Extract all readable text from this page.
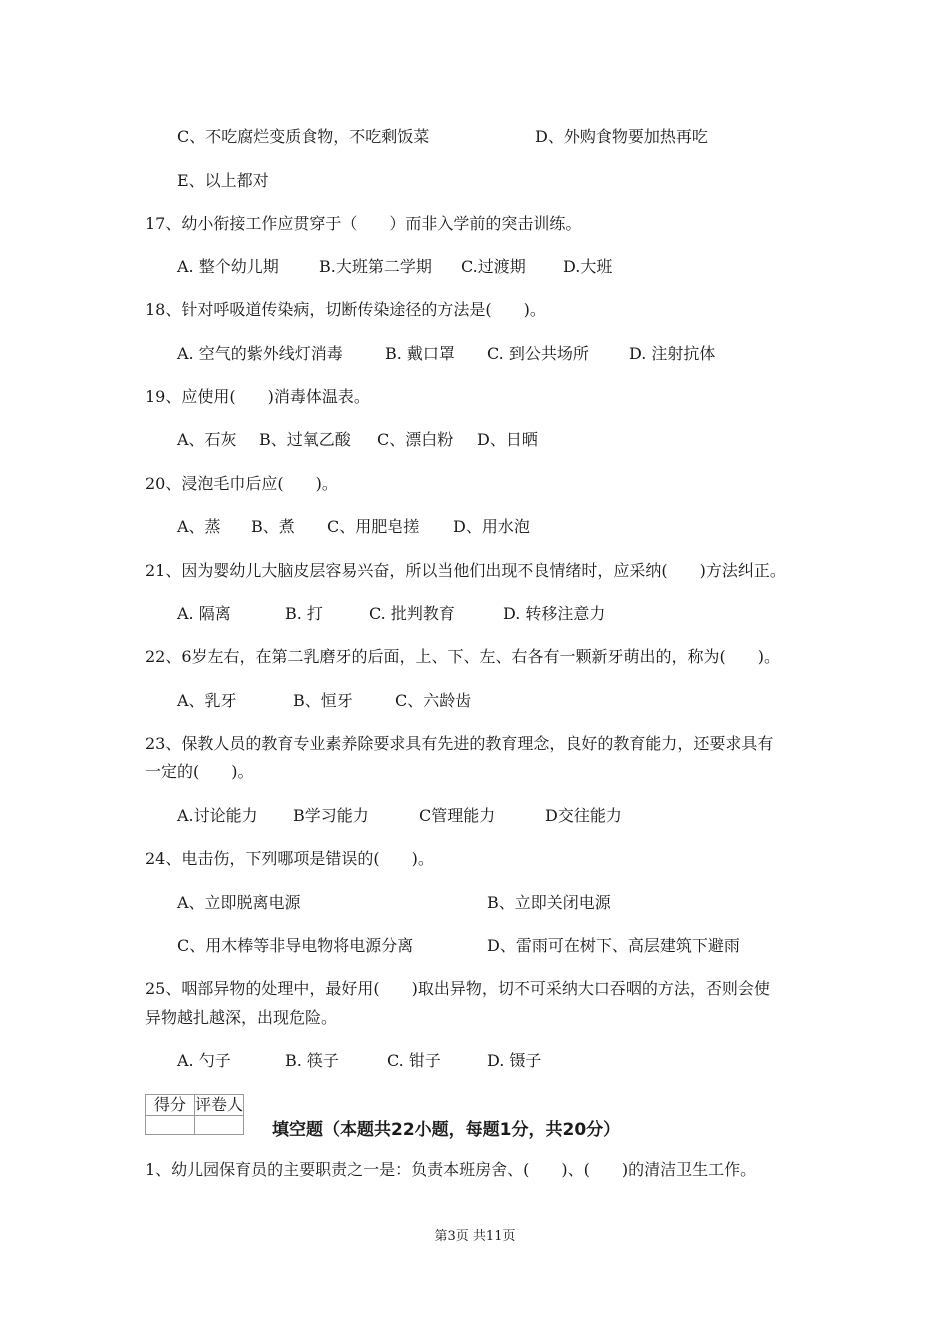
C、不吃腐烂变质食物，不吃剩饭菜	D、外购食物要加热再吃
E、以上都对
17、幼小衔接工作应贯穿于（　　）而非入学前的突击训练。
A. 整个幼儿期	B.大班第二学期 C.过渡期 D.大班
18、针对呼吸道传染病，切断传染途径的方法是(　　)。
A. 空气的紫外线灯消毒	B. 戴口罩 C. 到公共场所	D. 注射抗体
19、应使用(　　)消毒体温表。
A、石灰 B、过氧乙酸 C、漂白粉 D、日晒
20、浸泡毛巾后应(　　)。
A、蒸 B、煮 C、用肥皂搓 D、用水泡
21、因为婴幼儿大脑皮层容易兴奋，所以当他们出现不良情绪时，应采纳(　　)方法纠正。
A. 隔离	B. 打	C. 批判教育	D. 转移注意力
22、6岁左右，在第二乳磨牙的后面，上、下、左、右各有一颗新牙萌出的，称为(　　)。
A、乳牙	B、恒牙	C、六龄齿
23、保教人员的教育专业素养除要求具有先进的教育理念，良好的教育能力，还要求具有
一定的(　　)。
A.讨论能力 B学习能力	C管理能力	D交往能力
24、电击伤，下列哪项是错误的(　　)。
A、立即脱离电源	B、立即关闭电源
C、用木棒等非导电物将电源分离	D、雷雨可在树下、高层建筑下避雨
25、咽部异物的处理中，最好用(　　)取出异物，切不可采纳大口吞咽的方法，否则会使
异物越扎越深，出现危险。
A. 勺子	B. 筷子	C. 钳子	D. 镊子
1、幼儿园保育员的主要职责之一是：负责本班房舍、(　　)、(　　)的清洁卫生工作。
得分	评卷人

填空题（本题共22小题，每题1分，共20分）
第3页 共11页
